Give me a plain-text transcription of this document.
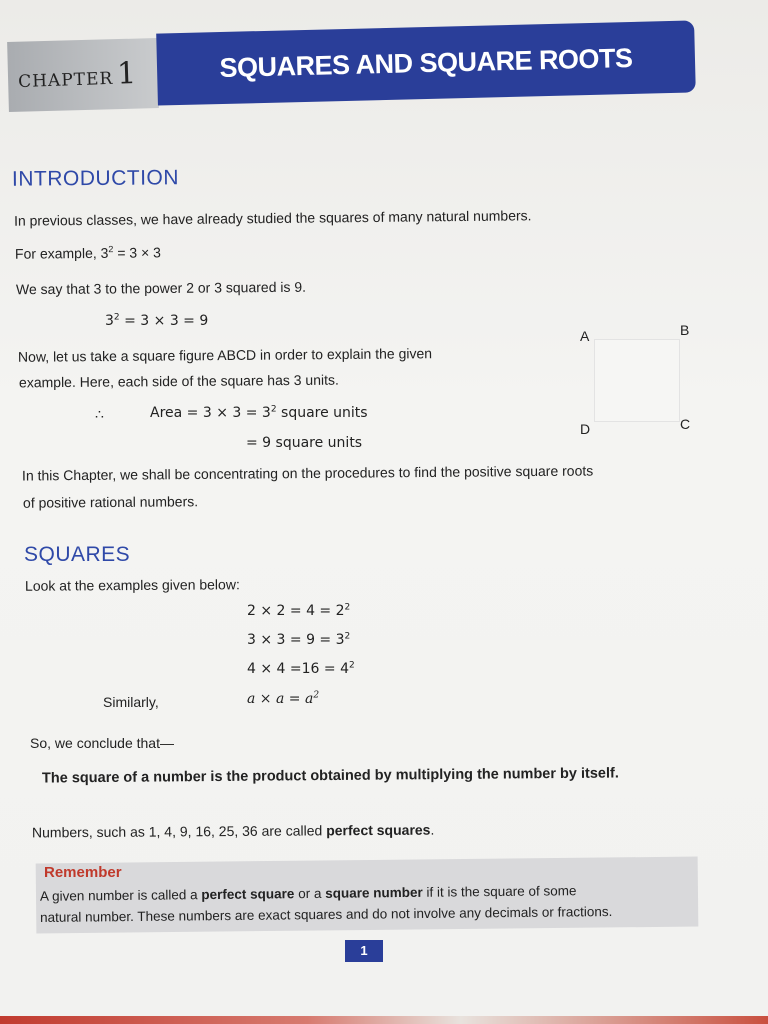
CHAPTER1	SQUARES AND SQUARE ROOTS
INTRODUCTION
In previous classes, we have already studied the squares of many natural numbers.
For example, $3^2 = 3 \times 3$
We say that 3 to the power 2 or 3 squared is 9.
$3^2 = 3 \times 3 = 9$
Now, let us take a square figure ABCD in order to explain the given
example. Here, each side of the square has 3 units.
∴	Area = $3 \times 3 = 3^2$ square units
= 9 square units
A	B
C
D
In this Chapter, we shall be concentrating on the procedures to find the positive square roots
of positive rational numbers.
SQUARES
Look at the examples given below:
$2 \times 2 = 4 = 2^2$
$3 \times 3 = 9 = 3^2$
$4 \times 4 =16 = 4^2$
Similarly,	$a \times a = a^2$
So, we conclude that—
The square of a number is the product obtained by multiplying the number by itself.
Numbers, such as 1, 4, 9, 16, 25, 36 are called perfect squares.
Remember
A given number is called a perfect square or a square number if it is the square of some
natural number. These numbers are exact squares and do not involve any decimals or fractions.
1
